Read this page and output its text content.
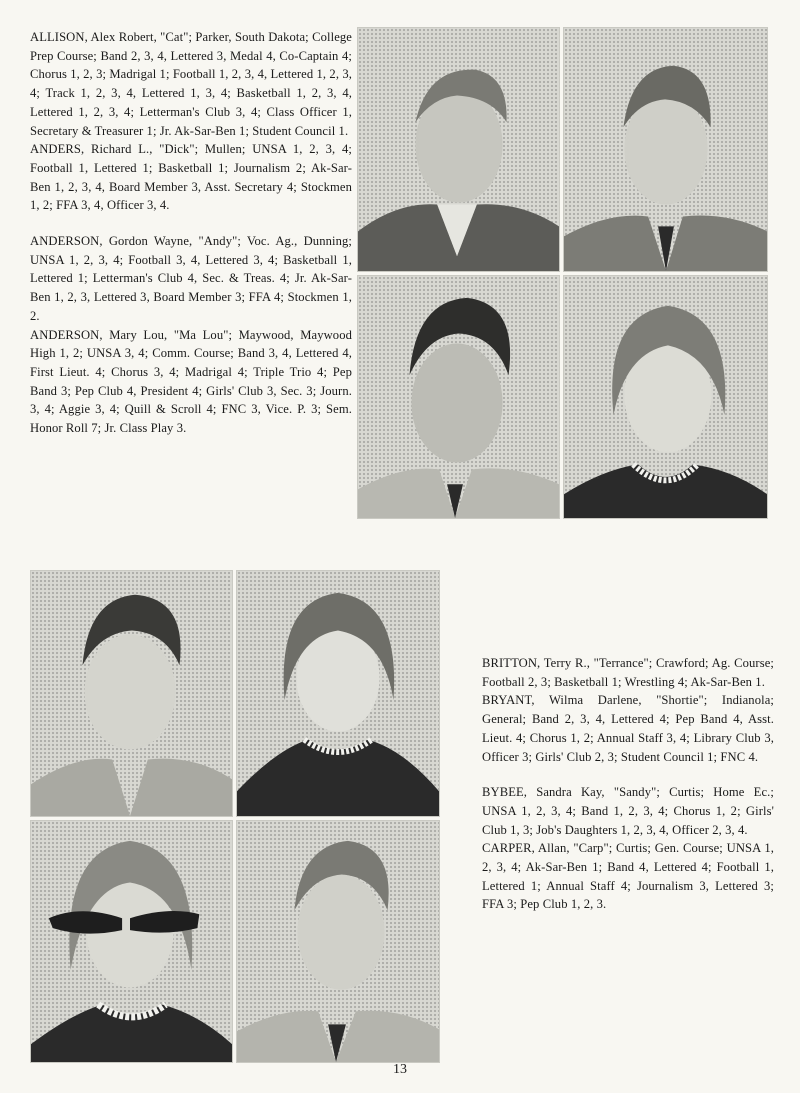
ALLISON, Alex Robert, "Cat"; Parker, South Dakota; College Prep Course; Band 2, 3, 4, Lettered 3, Medal 4, Co-Captain 4; Chorus 1, 2, 3; Madrigal 1; Football 1, 2, 3, 4, Lettered 1, 2, 3, 4; Track 1, 2, 3, 4, Lettered 1, 3, 4; Basketball 1, 2, 3, 4, Lettered 1, 2, 3, 4; Letterman's Club 3, 4; Class Officer 1, Secretary & Treasurer 1; Jr. Ak-Sar-Ben 1; Student Council 1.

ANDERS, Richard L., "Dick"; Mullen; UNSA 1, 2, 3, 4; Football 1, Lettered 1; Basketball 1; Journalism 2; Ak-Sar-Ben 1, 2, 3, 4, Board Member 3, Asst. Secretary 4; Stockmen 1, 2; FFA 3, 4, Officer 3, 4.

ANDERSON, Gordon Wayne, "Andy"; Voc. Ag., Dunning; UNSA 1, 2, 3, 4; Football 3, 4, Lettered 3, 4; Basketball 1, Lettered 1; Letterman's Club 4, Sec. & Treas. 4; Jr. Ak-Sar-Ben 1, 2, 3, Lettered 3, Board Member 3; FFA 4; Stockmen 1, 2.

ANDERSON, Mary Lou, "Ma Lou"; Maywood, Maywood High 1, 2; UNSA 3, 4; Comm. Course; Band 3, 4, Lettered 4, First Lieut. 4; Chorus 3, 4; Madrigal 4; Triple Trio 4; Pep Band 3; Pep Club 4, President 4; Girls' Club 3, Sec. 3; Journ. 3, 4; Aggie 3, 4; Quill & Scroll 4; FNC 3, Vice. P. 3; Sem. Honor Roll 7; Jr. Class Play 3.

BRITTON, Terry R., "Terrance"; Crawford; Ag. Course; Football 2, 3; Basketball 1; Wrestling 4; Ak-Sar-Ben 1.

BRYANT, Wilma Darlene, "Shortie"; Indianola; General; Band 2, 3, 4, Lettered 4; Pep Band 4, Asst. Lieut. 4; Chorus 1, 2; Annual Staff 3, 4; Library Club 3, Officer 3; Girls' Club 2, 3; Student Council 1; FNC 4.

BYBEE, Sandra Kay, "Sandy"; Curtis; Home Ec.; UNSA 1, 2, 3, 4; Band 1, 2, 3, 4; Chorus 1, 2; Girls' Club 1, 3; Job's Daughters 1, 2, 3, 4, Officer 2, 3, 4.

CARPER, Allan, "Carp"; Curtis; Gen. Course; UNSA 1, 2, 3, 4; Ak-Sar-Ben 1; Band 4, Lettered 4; Football 1, Lettered 1; Annual Staff 4; Journalism 3, Lettered 3; FFA 3; Pep Club 1, 2, 3.

13
